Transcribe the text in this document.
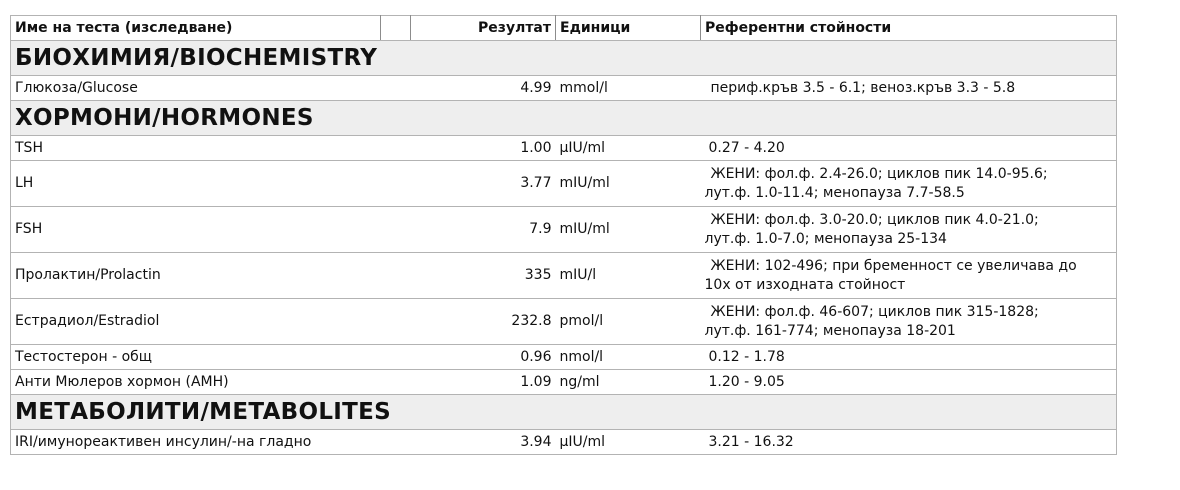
Име на теста (изследване)		Резултат	Единици	Референтни стойности
БИОХИМИЯ/BIOCHEMISTRY				
Глюкоза/Glucose		4.99	mmol/l	периф.кръв 3.5 - 6.1; веноз.кръв 3.3 - 5.8

ХОРМОНИ/HORMONES				
TSH		1.00	µIU/ml	0.27 - 4.20

LH		3.77	mIU/ml	ЖЕНИ: фол.ф. 2.4-26.0; циклов пик 14.0-95.6;
лут.ф. 1.0-11.4; менопауза 7.7-58.5

FSH		7.9	mIU/ml	ЖЕНИ: фол.ф. 3.0-20.0; циклов пик 4.0-21.0;
лут.ф. 1.0-7.0; менопауза 25-134

Пролактин/Prolactin		335	mIU/l	ЖЕНИ: 102-496; при бременност се увеличава до
10x от изходната стойност

Естрадиол/Estradiol		232.8	pmol/l	ЖЕНИ: фол.ф. 46-607; циклов пик 315-1828;
лут.ф. 161-774; менопауза 18-201

Тестостерон - общ		0.96	nmol/l	0.12 - 1.78

Анти Мюлеров хормон (AMH)		1.09	ng/ml	1.20 - 9.05

МЕТАБОЛИТИ/METABOLITES				
IRI/имунореактивен инсулин/-на гладно		3.94	µIU/ml	3.21 - 16.32
